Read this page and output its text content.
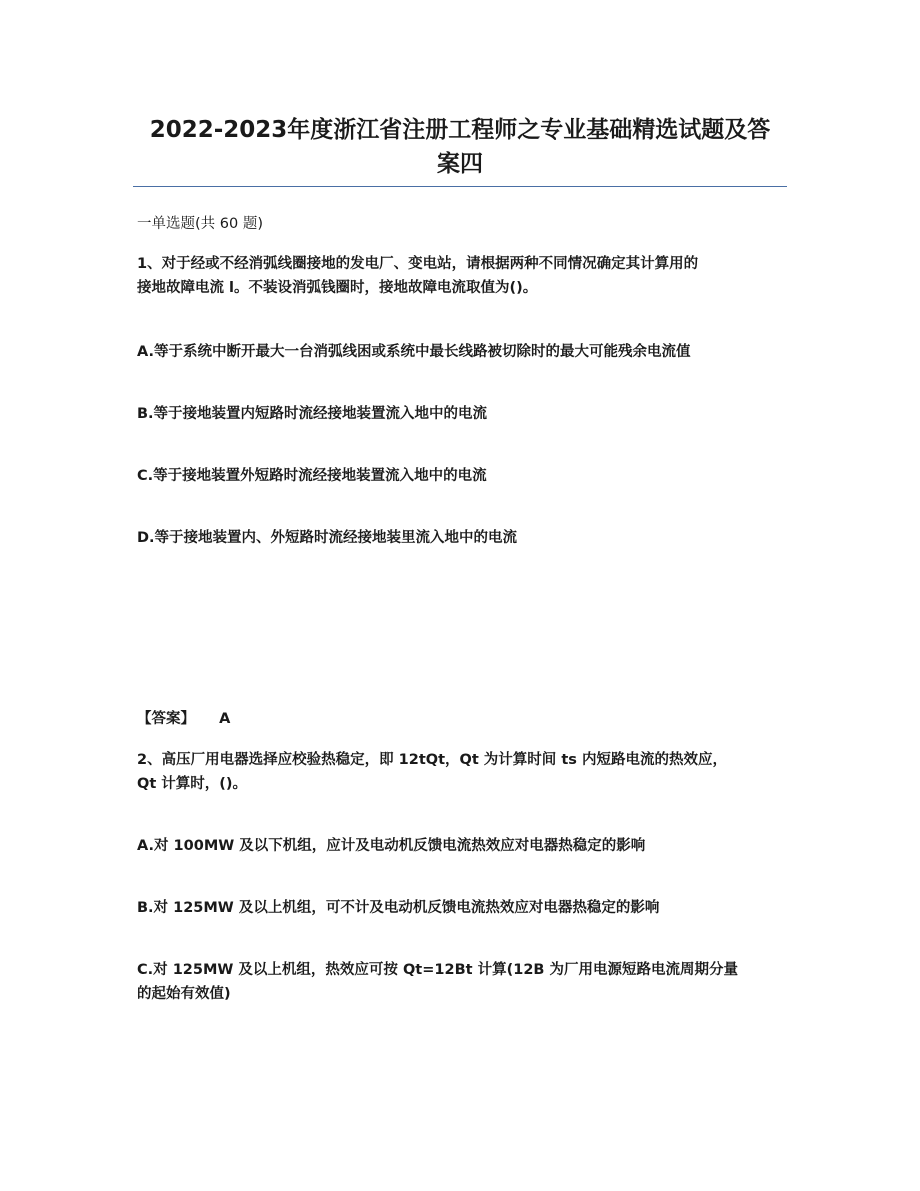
2022-2023年度浙江省注册工程师之专业基础精选试题及答
案四

一单选题(共 60 题)

1、对于经或不经消弧线圈接地的发电厂、变电站，请根据两种不同情况确定其计算用的

接地故障电流 l。不装设消弧钱圈时，接地故障电流取值为()。

A.等于系统中断开最大一台消弧线困或系统中最长线路被切除时的最大可能残余电流值

B.等于接地装置内短路时流经接地装置流入地中的电流

C.等于接地装置外短路时流经接地装置流入地中的电流

D.等于接地装置内、外短路时流经接地装里流入地中的电流

【答案】 A

2、高压厂用电器选择应校验热稳定，即 12tQt，Qt 为计算时间 ts 内短路电流的热效应，

Qt 计算时，()。

A.对 100MW 及以下机组，应计及电动机反馈电流热效应对电器热稳定的影响

B.对 125MW 及以上机组，可不计及电动机反馈电流热效应对电器热稳定的影响

C.对 125MW 及以上机组，热效应可按 Qt=12Bt 计算(12B 为厂用电源短路电流周期分量

的起始有效值)
